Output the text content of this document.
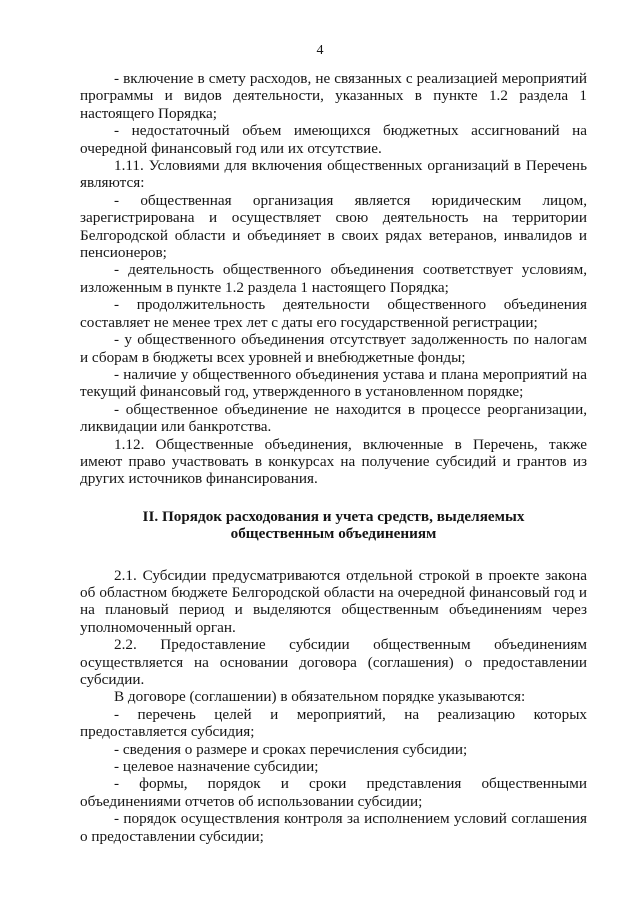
4

- включение в смету расходов, не связанных с реализацией мероприятий программы и видов деятельности, указанных в пункте 1.2 раздела 1 настоящего Порядка;

- недостаточный объем имеющихся бюджетных ассигнований на очередной финансовый год или их отсутствие.

1.11. Условиями для включения общественных организаций в Перечень являются:

- общественная организация является юридическим лицом, зарегистрирована и осуществляет свою деятельность на территории Белгородской области и объединяет в своих рядах ветеранов, инвалидов и пенсионеров;

- деятельность общественного объединения соответствует условиям, изложенным в пункте 1.2 раздела 1 настоящего Порядка;

- продолжительность деятельности общественного объединения составляет не менее трех лет с даты его государственной регистрации;

- у общественного объединения отсутствует задолженность по налогам и сборам в бюджеты всех уровней и внебюджетные фонды;

- наличие у общественного объединения устава и плана мероприятий на текущий финансовый год, утвержденного в установленном порядке;

- общественное объединение не находится в процессе реорганизации, ликвидации или банкротства.

1.12. Общественные объединения, включенные в Перечень, также имеют право участвовать в конкурсах на получение субсидий и грантов из других источников финансирования.

II. Порядок расходования и учета средств, выделяемых
общественным объединениям

2.1. Субсидии предусматриваются отдельной строкой в проекте закона об областном бюджете Белгородской области на очередной финансовый год и на плановый период и выделяются общественным объединениям через уполномоченный орган.

2.2. Предоставление субсидии общественным объединениям осуществляется на основании договора (соглашения) о предоставлении субсидии.

В договоре (соглашении) в обязательном порядке указываются:

- перечень целей и мероприятий, на реализацию которых предоставляется субсидия;

- сведения о размере и сроках перечисления субсидии;

- целевое назначение субсидии;

- формы, порядок и сроки представления общественными объединениями отчетов об использовании субсидии;

- порядок осуществления контроля за исполнением условий соглашения о предоставлении субсидии;
